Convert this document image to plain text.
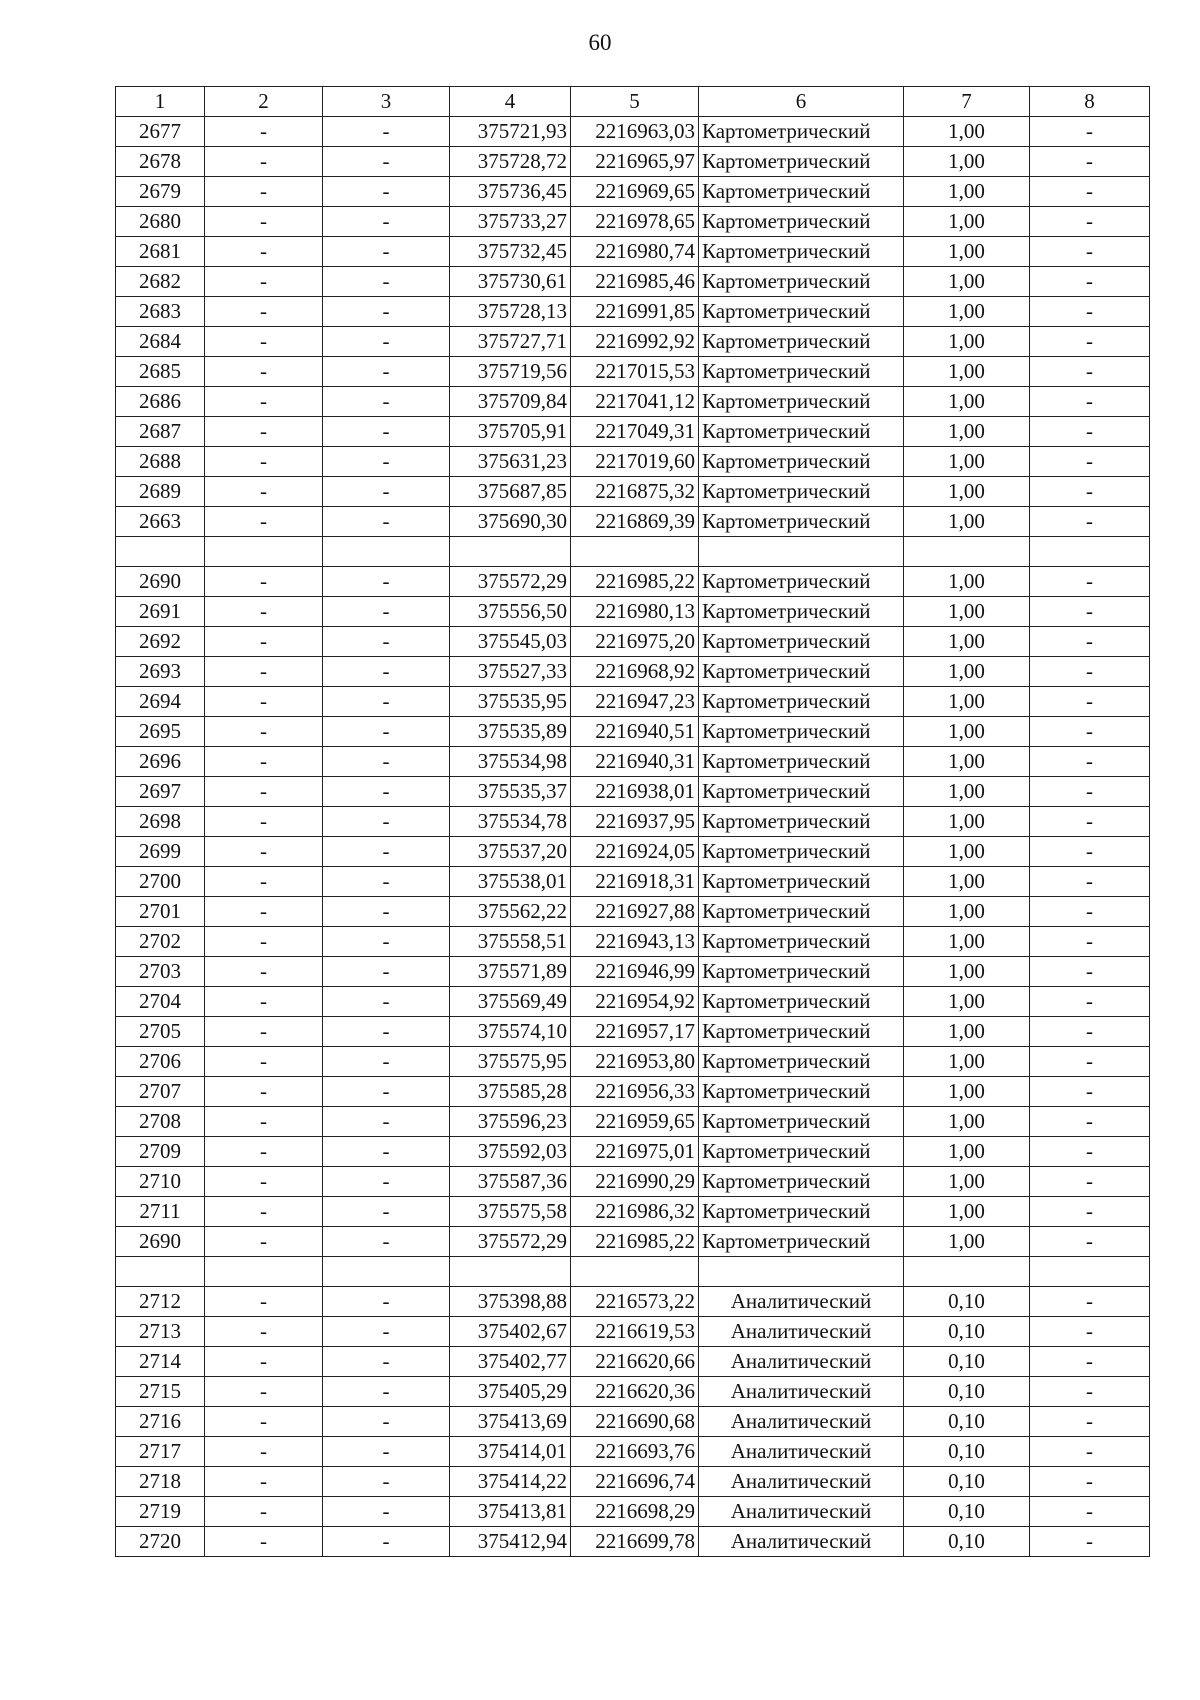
60
1	2	3	4	5	6	7	8
2677	-	-	375721,93	2216963,03	Картометрический	1,00	-
2678	-	-	375728,72	2216965,97	Картометрический	1,00	-
2679	-	-	375736,45	2216969,65	Картометрический	1,00	-
2680	-	-	375733,27	2216978,65	Картометрический	1,00	-
2681	-	-	375732,45	2216980,74	Картометрический	1,00	-
2682	-	-	375730,61	2216985,46	Картометрический	1,00	-
2683	-	-	375728,13	2216991,85	Картометрический	1,00	-
2684	-	-	375727,71	2216992,92	Картометрический	1,00	-
2685	-	-	375719,56	2217015,53	Картометрический	1,00	-
2686	-	-	375709,84	2217041,12	Картометрический	1,00	-
2687	-	-	375705,91	2217049,31	Картометрический	1,00	-
2688	-	-	375631,23	2217019,60	Картометрический	1,00	-
2689	-	-	375687,85	2216875,32	Картометрический	1,00	-
2663	-	-	375690,30	2216869,39	Картометрический	1,00	-

2690	-	-	375572,29	2216985,22	Картометрический	1,00	-
2691	-	-	375556,50	2216980,13	Картометрический	1,00	-
2692	-	-	375545,03	2216975,20	Картометрический	1,00	-
2693	-	-	375527,33	2216968,92	Картометрический	1,00	-
2694	-	-	375535,95	2216947,23	Картометрический	1,00	-
2695	-	-	375535,89	2216940,51	Картометрический	1,00	-
2696	-	-	375534,98	2216940,31	Картометрический	1,00	-
2697	-	-	375535,37	2216938,01	Картометрический	1,00	-
2698	-	-	375534,78	2216937,95	Картометрический	1,00	-
2699	-	-	375537,20	2216924,05	Картометрический	1,00	-
2700	-	-	375538,01	2216918,31	Картометрический	1,00	-
2701	-	-	375562,22	2216927,88	Картометрический	1,00	-
2702	-	-	375558,51	2216943,13	Картометрический	1,00	-
2703	-	-	375571,89	2216946,99	Картометрический	1,00	-
2704	-	-	375569,49	2216954,92	Картометрический	1,00	-
2705	-	-	375574,10	2216957,17	Картометрический	1,00	-
2706	-	-	375575,95	2216953,80	Картометрический	1,00	-
2707	-	-	375585,28	2216956,33	Картометрический	1,00	-
2708	-	-	375596,23	2216959,65	Картометрический	1,00	-
2709	-	-	375592,03	2216975,01	Картометрический	1,00	-
2710	-	-	375587,36	2216990,29	Картометрический	1,00	-
2711	-	-	375575,58	2216986,32	Картометрический	1,00	-
2690	-	-	375572,29	2216985,22	Картометрический	1,00	-

2712	-	-	375398,88	2216573,22	Аналитический	0,10	-
2713	-	-	375402,67	2216619,53	Аналитический	0,10	-
2714	-	-	375402,77	2216620,66	Аналитический	0,10	-
2715	-	-	375405,29	2216620,36	Аналитический	0,10	-
2716	-	-	375413,69	2216690,68	Аналитический	0,10	-
2717	-	-	375414,01	2216693,76	Аналитический	0,10	-
2718	-	-	375414,22	2216696,74	Аналитический	0,10	-
2719	-	-	375413,81	2216698,29	Аналитический	0,10	-
2720	-	-	375412,94	2216699,78	Аналитический	0,10	-
